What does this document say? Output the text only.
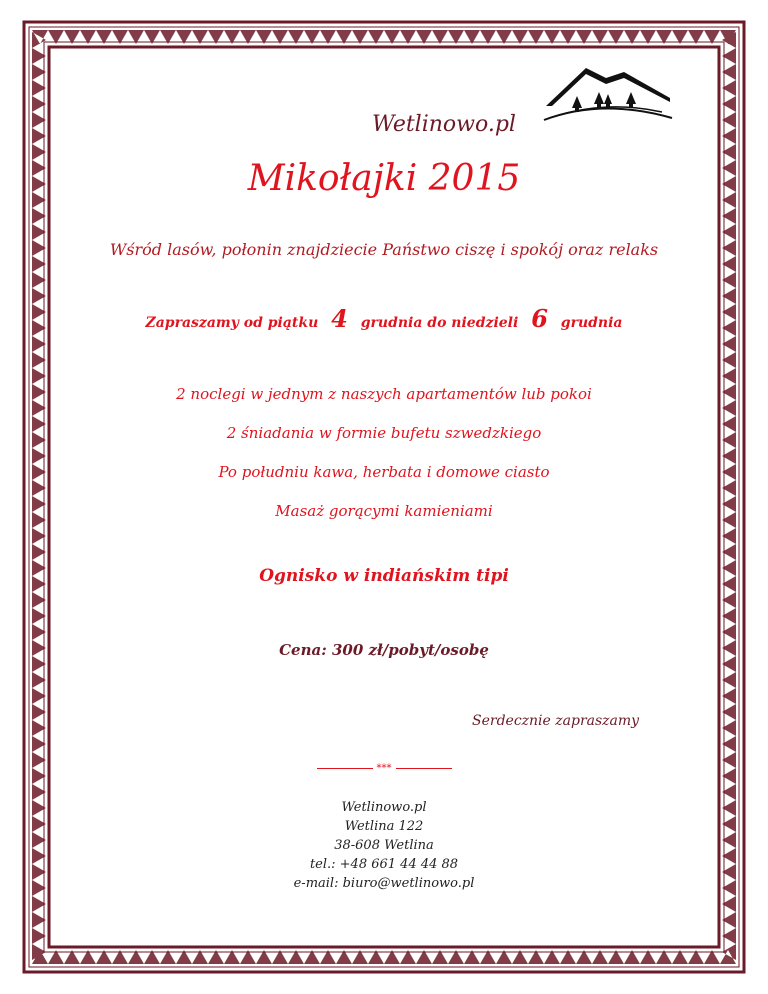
Wetlinowo.pl
Mikołajki 2015
Wśród lasów, połonin znajdziecie Państwo ciszę i spokój oraz relaks
Zapraszamy od piątku 4 grudnia do niedzieli 6 grudnia
2 noclegi w jednym z naszych apartamentów lub pokoi
2 śniadania w formie bufetu szwedzkiego
Po południu kawa, herbata i domowe ciasto
Masaż gorącymi kamieniami
Ognisko w indiańskim tipi
Cena: 300 zł/pobyt/osobę
Serdecznie zapraszamy
***
Wetlinowo.pl
Wetlina 122
38-608 Wetlina
tel.: +48 661 44 44 88
e-mail: biuro@wetlinowo.pl
